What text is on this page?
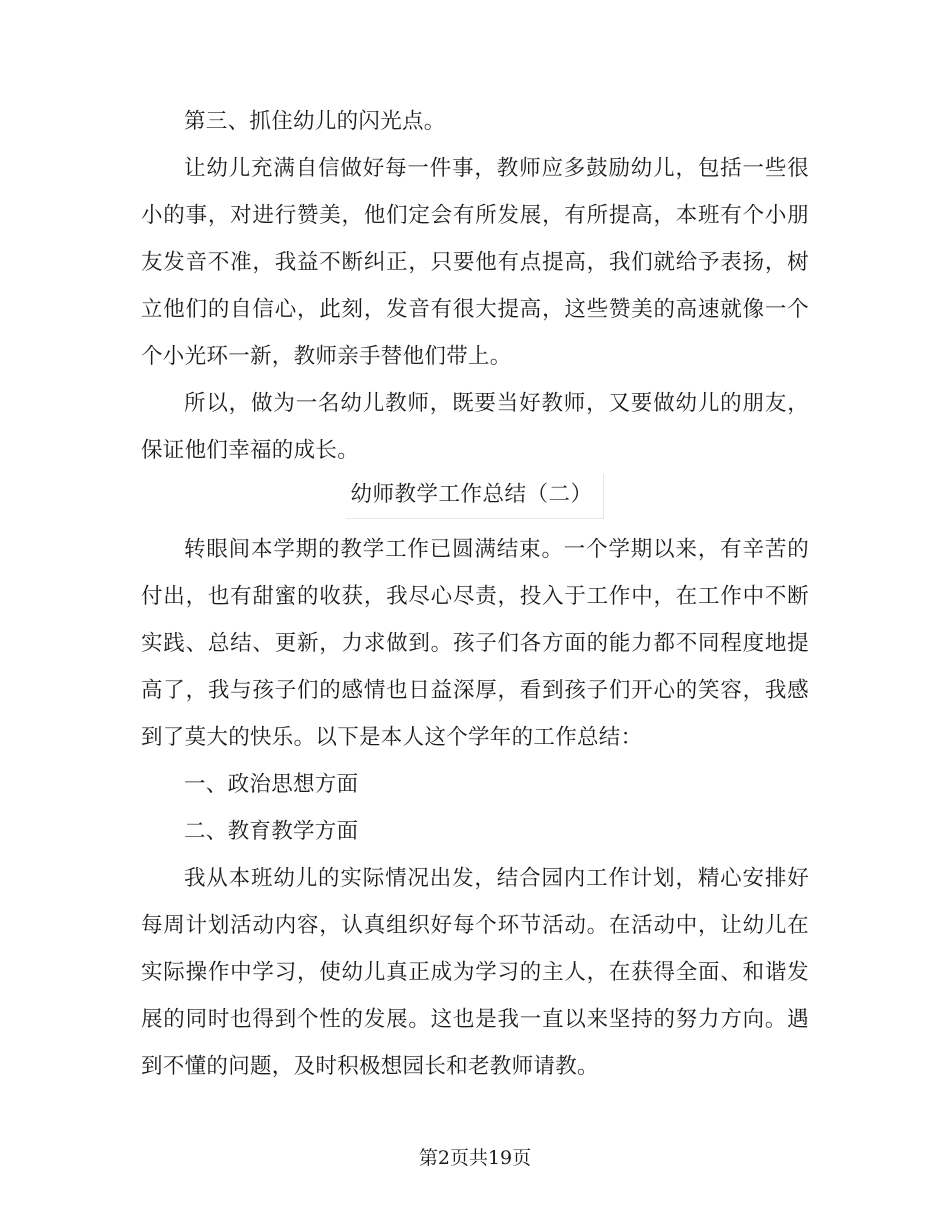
第三、抓住幼儿的闪光点。

让幼儿充满自信做好每一件事，教师应多鼓励幼儿，包括一些很小的事，对进行赞美，他们定会有所发展，有所提高，本班有个小朋友发音不准，我益不断纠正，只要他有点提高，我们就给予表扬，树立他们的自信心，此刻，发音有很大提高，这些赞美的高速就像一个个小光环一新，教师亲手替他们带上。

所以，做为一名幼儿教师，既要当好教师，又要做幼儿的朋友，保证他们幸福的成长。

幼师教学工作总结（二）

转眼间本学期的教学工作已圆满结束。一个学期以来，有辛苦的付出，也有甜蜜的收获，我尽心尽责，投入于工作中，在工作中不断实践、总结、更新，力求做到。孩子们各方面的能力都不同程度地提高了，我与孩子们的感情也日益深厚，看到孩子们开心的笑容，我感到了莫大的快乐。以下是本人这个学年的工作总结：

一、政治思想方面

二、教育教学方面

我从本班幼儿的实际情况出发，结合园内工作计划，精心安排好每周计划活动内容，认真组织好每个环节活动。在活动中，让幼儿在实际操作中学习，使幼儿真正成为学习的主人，在获得全面、和谐发展的同时也得到个性的发展。这也是我一直以来坚持的努力方向。遇到不懂的问题，及时积极想园长和老教师请教。

第2页共19页
